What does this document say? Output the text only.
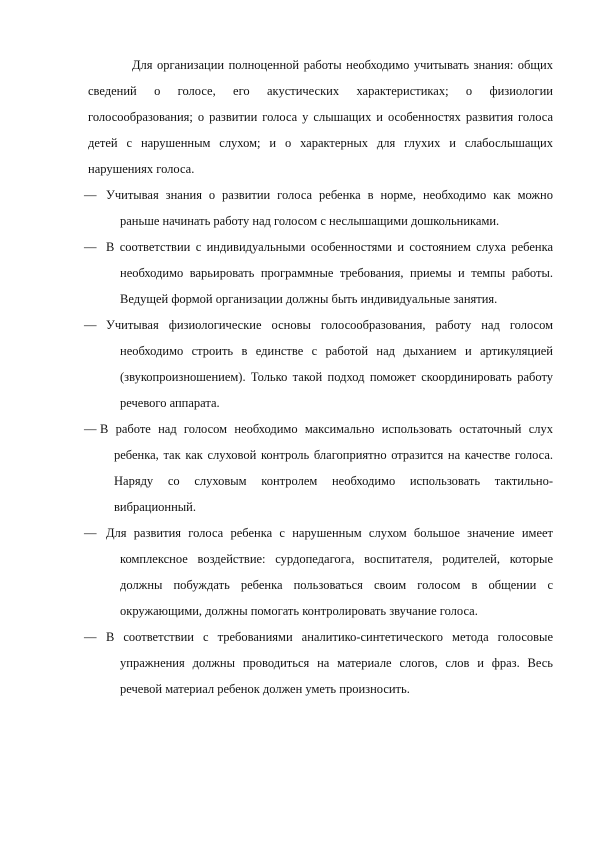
Для организации полноценной работы необходимо учитывать знания: общих сведений о голосе, его акустических характеристиках; о физиологии голосообразования; о развитии голоса у слышащих и особенностях развития голоса детей с нарушенным слухом; и о характерных для глухих и слабослышащих нарушениях голоса.

— Учитывая знания о развитии голоса ребенка в норме, необходимо как можно раньше начинать работу над голосом с неслышащими дошкольниками.
— В соответствии с индивидуальными особенностями и состоянием слуха ребенка необходимо варьировать программные требования, приемы и темпы работы. Ведущей формой организации должны быть индивидуальные занятия.
— Учитывая физиологические основы голосообразования, работу над голосом необходимо строить в единстве с работой над дыханием и артикуляцией (звукопроизношением). Только такой подход поможет скоординировать работу речевого аппарата.
— В работе над голосом необходимо максимально использовать остаточный слух ребенка, так как слуховой контроль благоприятно отразится на качестве голоса. Наряду со слуховым контролем необходимо использовать тактильно-вибрационный.
— Для развития голоса ребенка с нарушенным слухом большое значение имеет комплексное воздействие: сурдопедагога, воспитателя, родителей, которые должны побуждать ребенка пользоваться своим голосом в общении с окружающими, должны помогать контролировать звучание голоса.
— В соответствии с требованиями аналитико-синтетического метода голосовые упражнения должны проводиться на материале слогов, слов и фраз. Весь речевой материал ребенок должен уметь произносить.
